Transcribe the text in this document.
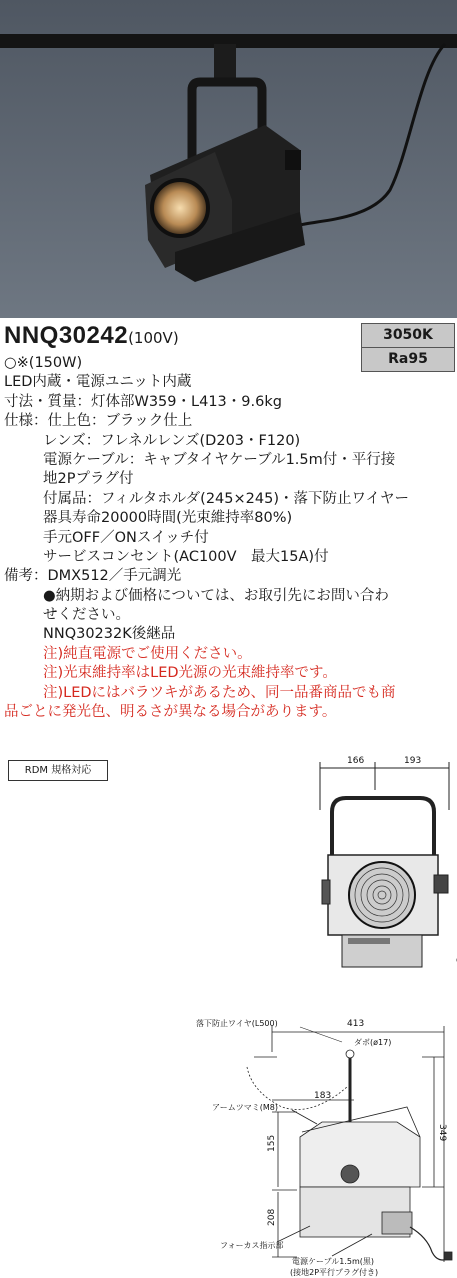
NNQ30242(100V)	3050K
Ra95
○※(150W)
LED内蔵・電源ユニット内蔵
寸法・質量：灯体部W359・L413・9.6kg
仕様：仕上色：ブラック仕上
レンズ：フレネルレンズ(D203・F120)
電源ケーブル：キャブタイヤケーブル1.5m付・平行接
地2Pプラグ付
付属品：フィルタホルダ(245×245)・落下防止ワイヤー
器具寿命20000時間(光束維持率80%)
手元OFF／ONスイッチ付
サービスコンセント(AC100V　最大15A)付
備考：DMX512／手元調光
●納期および価格については、お取引先にお問い合わ
せください。
NNQ30232K後継品
注)純直電源でご使用ください。
注)光束維持率はLED光源の光束維持率です。
注)LEDにはバラツキがあるため、同一品番商品でも商
品ごとに発光色、明るさが異なる場合があります。
RDM 規格対応
166	193
413
183
349
155
208
落下防止ワイヤ(L500)
ダボ(ø17)
アームツマミ(M8)
フォーカス指示部
電源ケーブル1.5m(黒)
(接地2P平行プラグ付き)
